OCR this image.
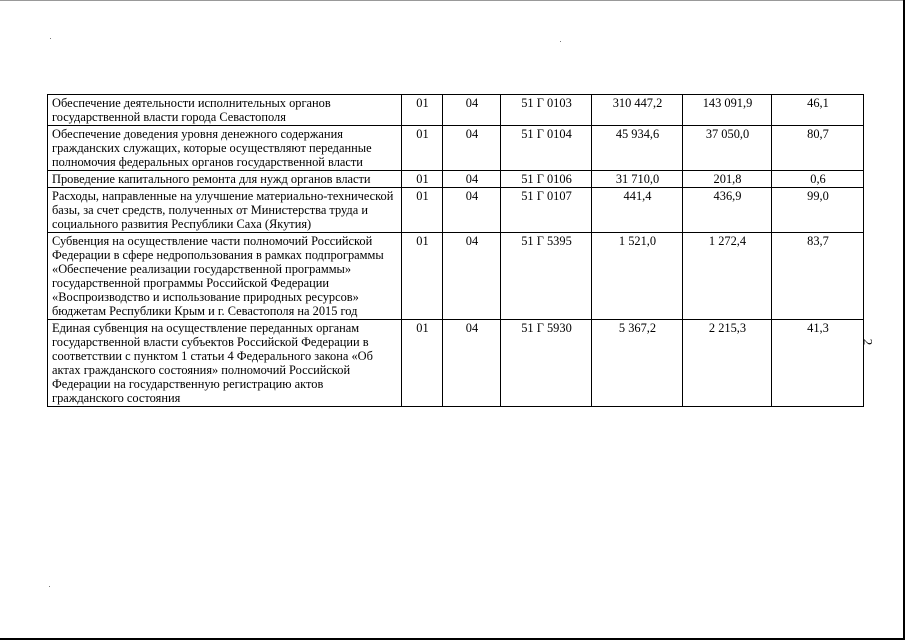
2
Обеспечение деятельности исполнительных органов государственной власти города Севастополя	01	04	51 Г 0103	310 447,2	143 091,9	46,1
Обеспечение доведения уровня денежного содержания гражданских служащих, которые осуществляют переданные полномочия федеральных органов государственной власти	01	04	51 Г 0104	45 934,6	37 050,0	80,7
Проведение капитального ремонта для нужд органов власти	01	04	51 Г 0106	31 710,0	201,8	0,6
Расходы, направленные на улучшение материально-технической базы, за счет средств, полученных от Министерства труда и социального развития Республики Саха (Якутия)	01	04	51 Г 0107	441,4	436,9	99,0
Субвенция на осуществление части полномочий Российской Федерации в сфере недропользования в рамках подпрограммы «Обеспечение реализации государственной программы» государственной программы Российской Федерации «Воспроизводство и использование природных ресурсов» бюджетам Республики Крым и г. Севастополя на 2015 год	01	04	51 Г 5395	1 521,0	1 272,4	83,7
Единая субвенция на осуществление переданных органам государственной власти субъектов Российской Федерации в соответствии с пунктом 1 статьи 4 Федерального закона «Об актах гражданского состояния» полномочий Российской Федерации на государственную регистрацию актов гражданского состояния	01	04	51 Г 5930	5 367,2	2 215,3	41,3
